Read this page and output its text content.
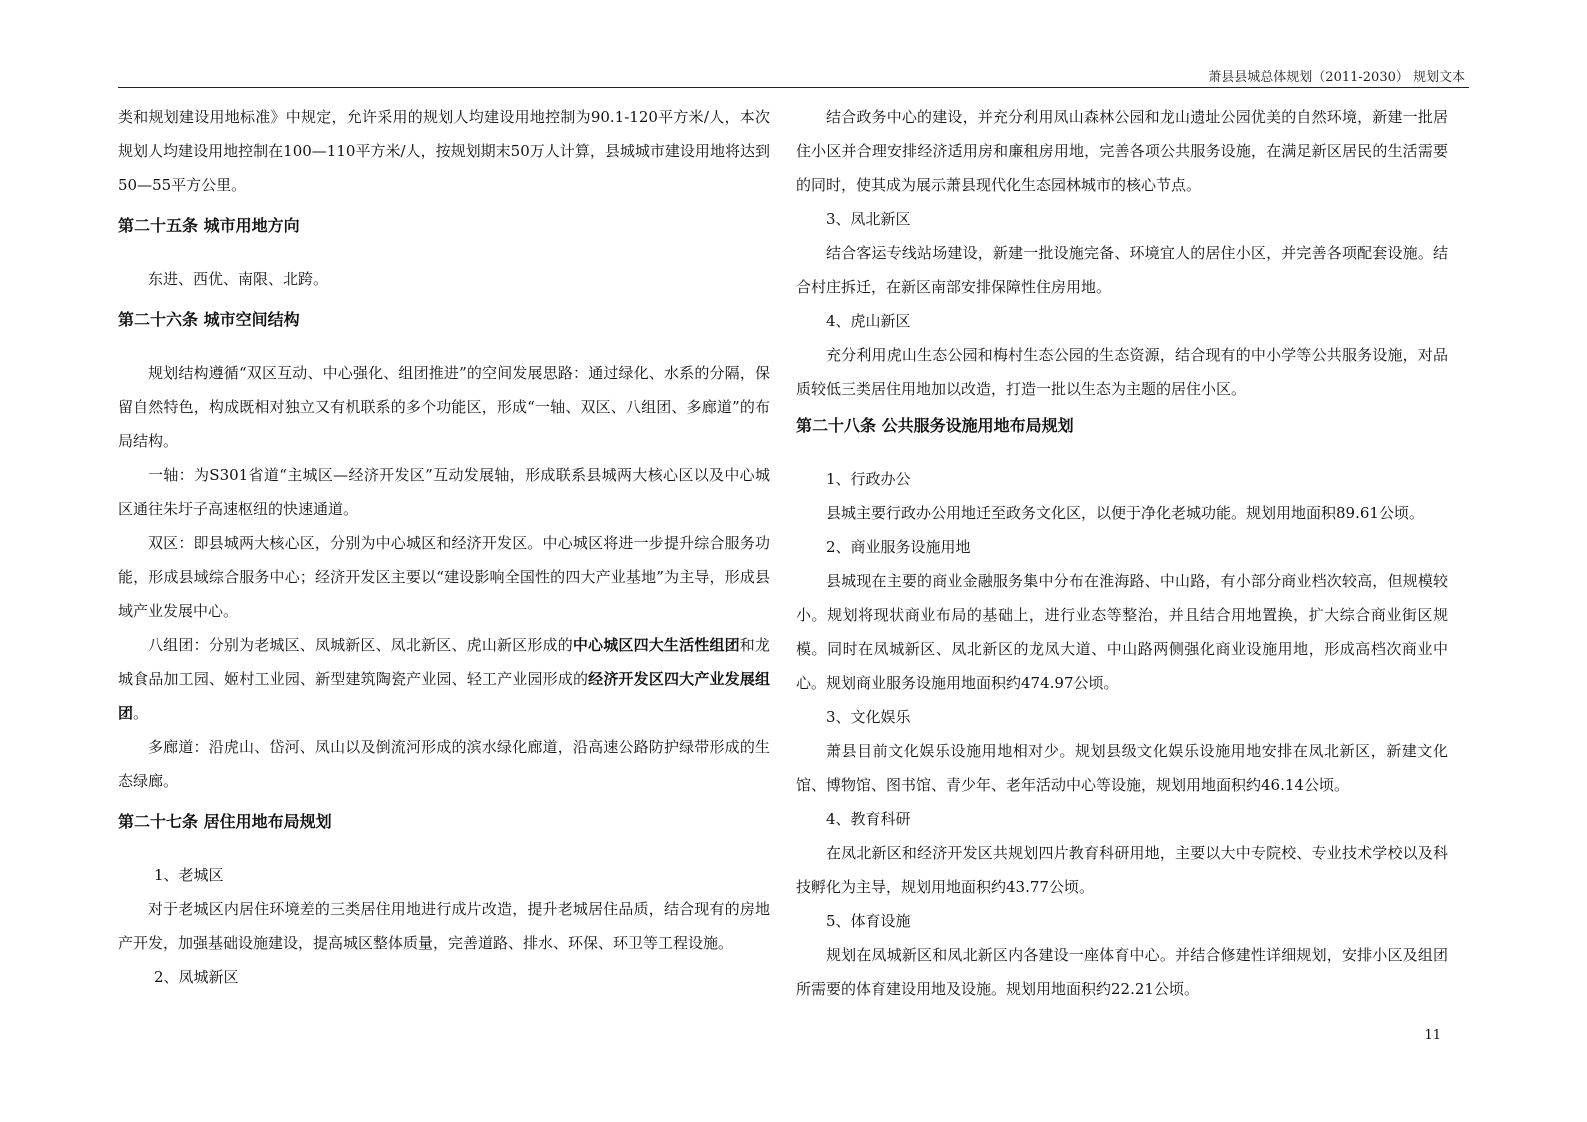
萧县县城总体规划（2011-2030） 规划文本

类和规划建设用地标准》中规定，允许采用的规划人均建设用地控制为90.1-120平方米/人，本次规划人均建设用地控制在100—110平方米/人，按规划期末50万人计算，县城城市建设用地将达到50—55平方公里。

第二十五条 城市用地方向

东进、西优、南限、北跨。

第二十六条 城市空间结构

规划结构遵循“双区互动、中心强化、组团推进”的空间发展思路：通过绿化、水系的分隔，保留自然特色，构成既相对独立又有机联系的多个功能区，形成“一轴、双区、八组团、多廊道”的布局结构。

一轴：为S301省道“主城区—经济开发区”互动发展轴，形成联系县城两大核心区以及中心城区通往朱圩子高速枢纽的快速通道。

双区：即县城两大核心区，分别为中心城区和经济开发区。中心城区将进一步提升综合服务功能，形成县域综合服务中心；经济开发区主要以“建设影响全国性的四大产业基地”为主导，形成县域产业发展中心。

八组团：分别为老城区、凤城新区、凤北新区、虎山新区形成的中心城区四大生活性组团和龙城食品加工园、姬村工业园、新型建筑陶瓷产业园、轻工产业园形成的经济开发区四大产业发展组团。

多廊道：沿虎山、岱河、凤山以及倒流河形成的滨水绿化廊道，沿高速公路防护绿带形成的生态绿廊。

第二十七条 居住用地布局规划

1、老城区

对于老城区内居住环境差的三类居住用地进行成片改造，提升老城居住品质，结合现有的房地产开发，加强基础设施建设，提高城区整体质量，完善道路、排水、环保、环卫等工程设施。

2、凤城新区

结合政务中心的建设，并充分利用凤山森林公园和龙山遗址公园优美的自然环境，新建一批居住小区并合理安排经济适用房和廉租房用地，完善各项公共服务设施，在满足新区居民的生活需要的同时，使其成为展示萧县现代化生态园林城市的核心节点。

3、凤北新区

结合客运专线站场建设，新建一批设施完备、环境宜人的居住小区，并完善各项配套设施。结合村庄拆迁，在新区南部安排保障性住房用地。

4、虎山新区

充分利用虎山生态公园和梅村生态公园的生态资源，结合现有的中小学等公共服务设施，对品质较低三类居住用地加以改造，打造一批以生态为主题的居住小区。

第二十八条 公共服务设施用地布局规划

1、行政办公

县城主要行政办公用地迁至政务文化区，以便于净化老城功能。规划用地面积89.61公顷。

2、商业服务设施用地

县城现在主要的商业金融服务集中分布在淮海路、中山路，有小部分商业档次较高，但规模较小。规划将现状商业布局的基础上，进行业态等整治，并且结合用地置换，扩大综合商业街区规模。同时在凤城新区、凤北新区的龙凤大道、中山路两侧强化商业设施用地，形成高档次商业中心。规划商业服务设施用地面积约474.97公顷。

3、文化娱乐

萧县目前文化娱乐设施用地相对少。规划县级文化娱乐设施用地安排在凤北新区，新建文化馆、博物馆、图书馆、青少年、老年活动中心等设施，规划用地面积约46.14公顷。

4、教育科研

在凤北新区和经济开发区共规划四片教育科研用地，主要以大中专院校、专业技术学校以及科技孵化为主导，规划用地面积约43.77公顷。

5、体育设施

规划在凤城新区和凤北新区内各建设一座体育中心。并结合修建性详细规划，安排小区及组团所需要的体育建设用地及设施。规划用地面积约22.21公顷。

11
